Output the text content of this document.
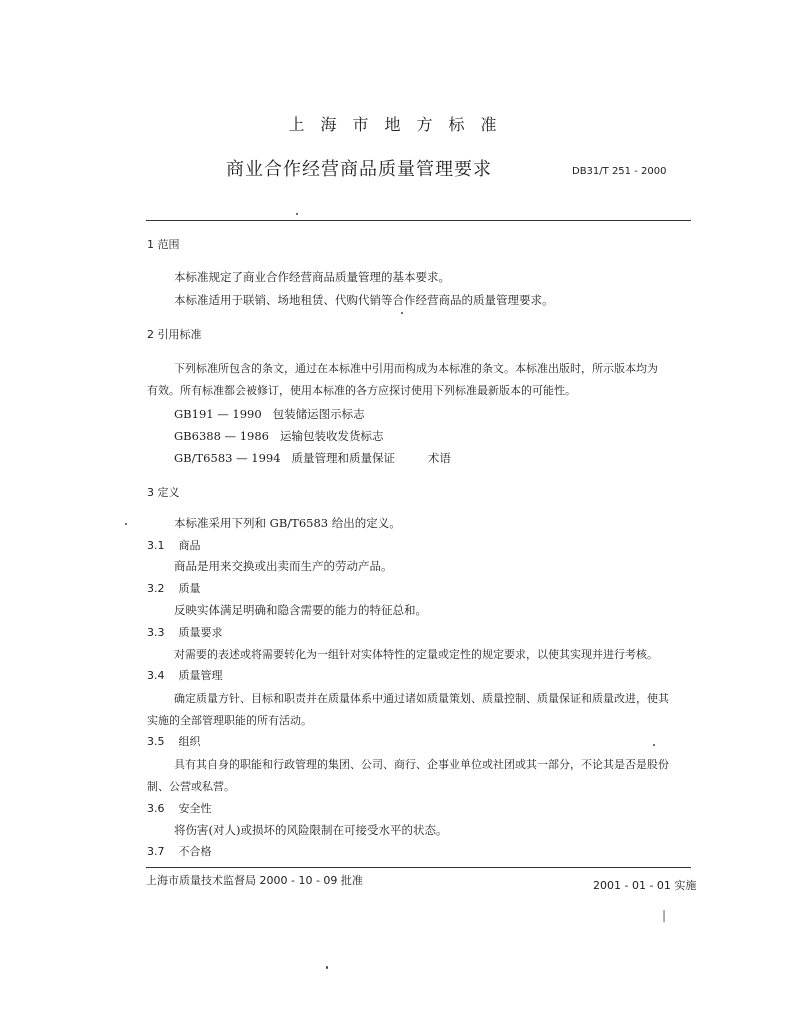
上海市地方标准
商业合作经营商品质量管理要求	DB31/T 251 - 2000
1 范围
本标准规定了商业合作经营商品质量管理的基本要求。
本标准适用于联销、场地租赁、代购代销等合作经营商品的质量管理要求。
2 引用标准
下列标准所包含的条文，通过在本标准中引用而构成为本标准的条文。本标准出版时，所示版本均为
有效。所有标准都会被修订，使用本标准的各方应探讨使用下列标准最新版本的可能性。
GB191 — 1990 包装储运图示标志
GB6388 — 1986 运输包装收发货标志
GB/T6583 — 1994 质量管理和质量保证	术语
3 定义
本标准采用下列和 GB/T6583 给出的定义。
3.1 商品
商品是用来交换或出卖而生产的劳动产品。
3.2 质量
反映实体满足明确和隐含需要的能力的特征总和。
3.3 质量要求
对需要的表述或将需要转化为一组针对实体特性的定量或定性的规定要求，以使其实现并进行考核。
3.4 质量管理
确定质量方针、目标和职责并在质量体系中通过诸如质量策划、质量控制、质量保证和质量改进，使其
实施的全部管理职能的所有活动。
3.5 组织
具有其自身的职能和行政管理的集团、公司、商行、企事业单位或社团或其一部分，不论其是否是股份
制、公营或私营。
3.6 安全性
将伤害(对人)或损坏的风险限制在可接受水平的状态。
3.7 不合格
上海市质量技术监督局 2000 - 10 - 09 批准	2001 - 01 - 01 实施
|
